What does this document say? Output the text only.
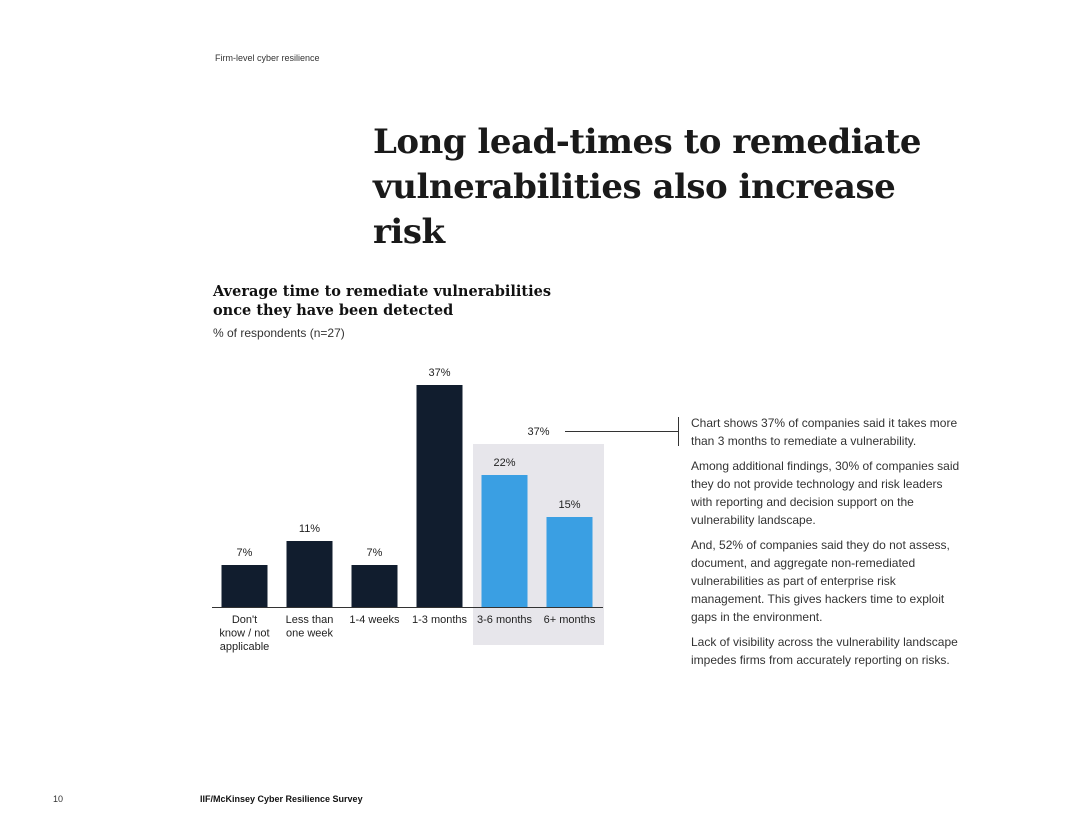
Firm-level cyber resilience
Long lead-times to remediate vulnerabilities also increase risk
Average time to remediate vulnerabilities once they have been detected
% of respondents (n=27)
7%
11%
7%
37%
22%
15%
Don't know / not applicable
Less than one week
1-4 weeks 1-3 months 3-6 months 6+ months
37%

Chart shows 37% of companies said it takes more than 3 months to remediate a vulnerability.

Among additional findings, 30% of companies said they do not provide technology and risk leaders with reporting and decision support on the vulnerability landscape.

And, 52% of companies said they do not assess, document, and aggregate non-remediated vulnerabilities as part of enterprise risk management. This gives hackers time to exploit gaps in the environment.

Lack of visibility across the vulnerability landscape impedes firms from accurately reporting on risks.

10	IIF/McKinsey Cyber Resilience Survey
